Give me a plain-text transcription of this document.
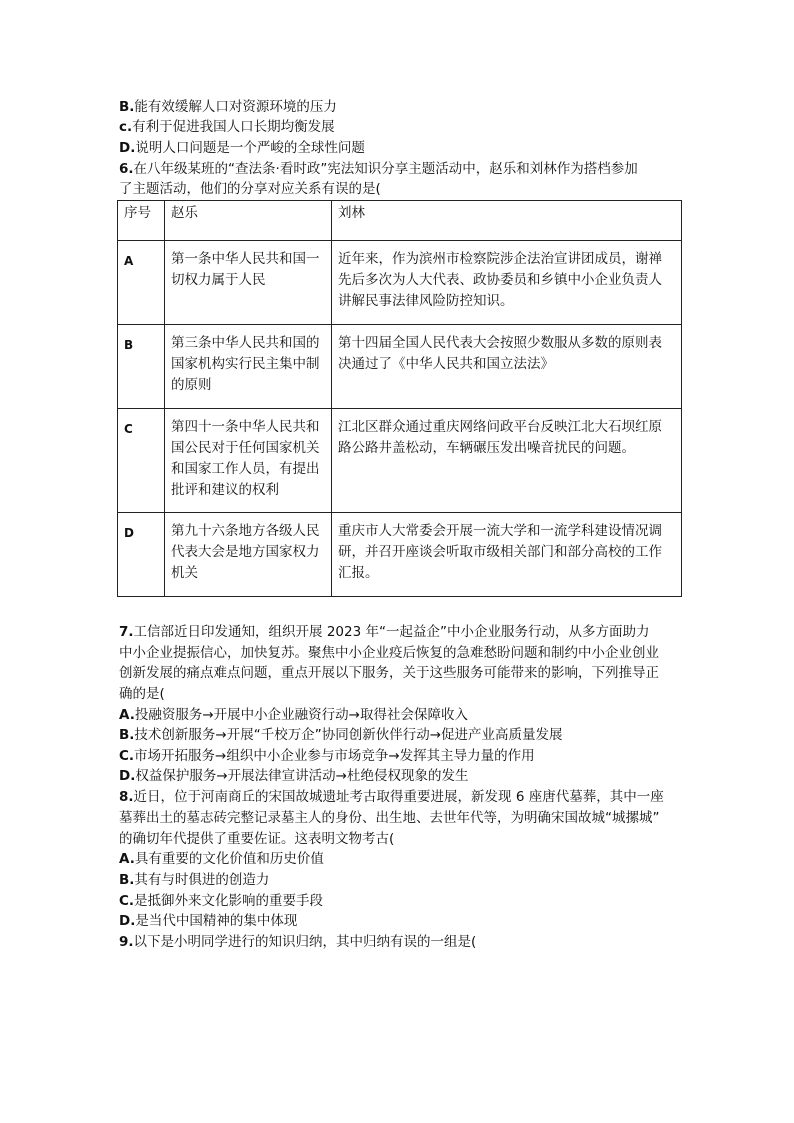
B.能有效缓解人口对资源环境的压力
c.有利于促进我国人口长期均衡发展
D.说明人口问题是一个严峻的全球性问题
6.在八年级某班的“查法条·看时政”宪法知识分享主题活动中，赵乐和刘林作为搭档参加
了主题活动，他们的分享对应关系有误的是(
序号	赵乐	刘林
A	第一条中华人民共和国一切权力属于人民	近年来，作为滨州市检察院涉企法治宣讲团成员，谢禅先后多次为人大代表、政协委员和乡镇中小企业负责人讲解民事法律风险防控知识。
B	第三条中华人民共和国的国家机构实行民主集中制的原则	第十四届全国人民代表大会按照少数服从多数的原则表决通过了《中华人民共和国立法法》
C	第四十一条中华人民共和国公民对于任何国家机关和国家工作人员，有提出批评和建议的权利	江北区群众通过重庆网络问政平台反映江北大石坝红原路公路井盖松动，车辆碾压发出噪音扰民的问题。
D	第九十六条地方各级人民代表大会是地方国家权力机关	重庆市人大常委会开展一流大学和一流学科建设情况调研，并召开座谈会听取市级相关部门和部分高校的工作汇报。
7.工信部近日印发通知，组织开展 2023 年“一起益企”中小企业服务行动，从多方面助力
中小企业提振信心，加快复苏。聚焦中小企业疫后恢复的急难愁盼问题和制约中小企业创业
创新发展的痛点难点问题，重点开展以下服务，关于这些服务可能带来的影响，下列推导正
确的是(
A.投融资服务→开展中小企业融资行动→取得社会保障收入
B.技术创新服务→开展“千校万企”协同创新伙伴行动→促进产业高质量发展
C.市场开拓服务→组织中小企业参与市场竞争→发挥其主导力量的作用
D.权益保护服务→开展法律宣讲活动→杜绝侵权现象的发生
8.近日，位于河南商丘的宋国故城遗址考古取得重要进展，新发现 6 座唐代墓葬，其中一座
墓葬出土的墓志砖完整记录墓主人的身份、出生地、去世年代等，为明确宋国故城“城摞城”
的确切年代提供了重要佐证。这表明文物考古(
A.具有重要的文化价值和历史价值
B.其有与时俱进的创造力
C.是抵御外来文化影响的重要手段
D.是当代中国精神的集中体现
9.以下是小明同学进行的知识归纳，其中归纳有误的一组是(
